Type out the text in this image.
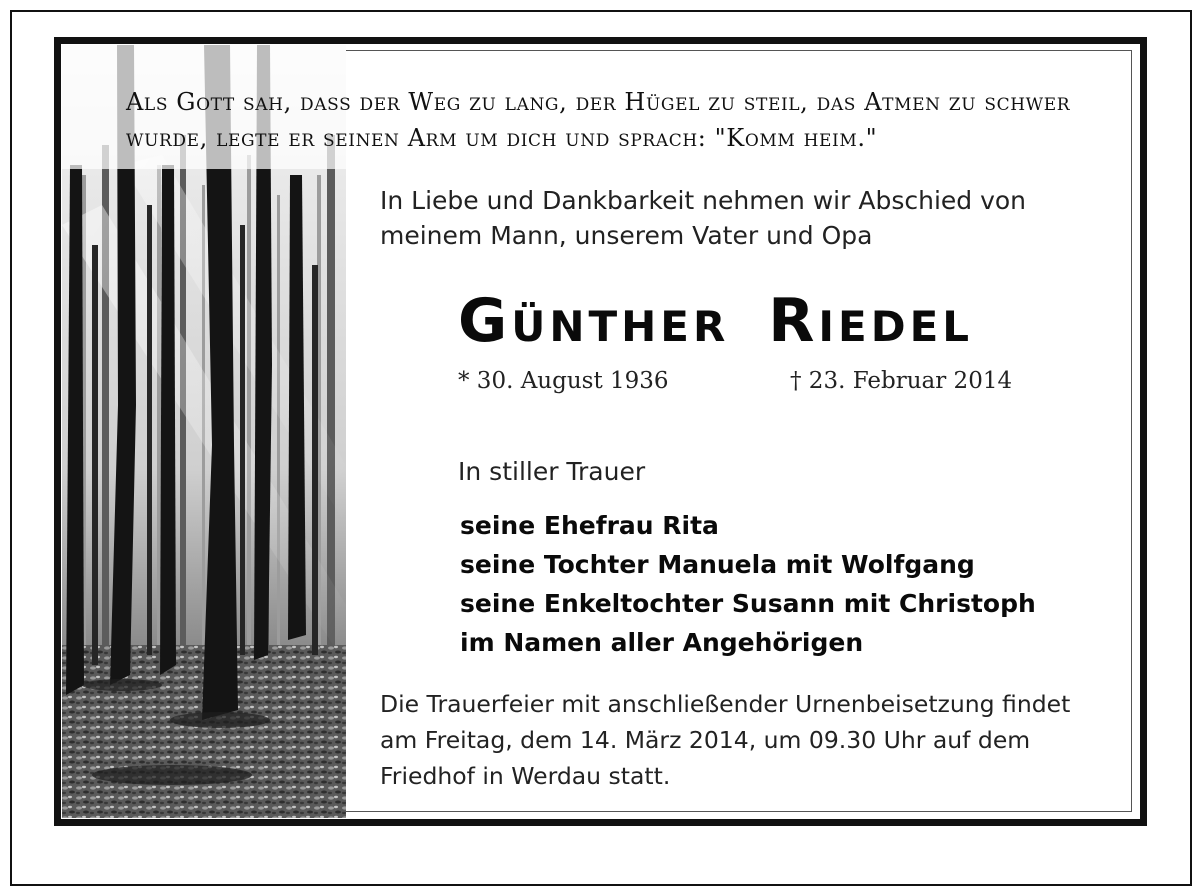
Als Gott sah, dass der Weg zu lang, der Hügel zu steil, das Atmen zu schwer wurde, legte er seinen Arm um dich und sprach: "Komm heim."

In Liebe und Dankbarkeit nehmen wir Abschied von meinem Mann, unserem Vater und Opa

Günther Riedel
* 30. August 1936	† 23. Februar 2014

In stiller Trauer

seine Ehefrau Rita
seine Tochter Manuela mit Wolfgang
seine Enkeltochter Susann mit Christoph
im Namen aller Angehörigen

Die Trauerfeier mit anschließender Urnenbeisetzung findet am Freitag, dem 14. März 2014, um 09.30 Uhr auf dem Friedhof in Werdau statt.
